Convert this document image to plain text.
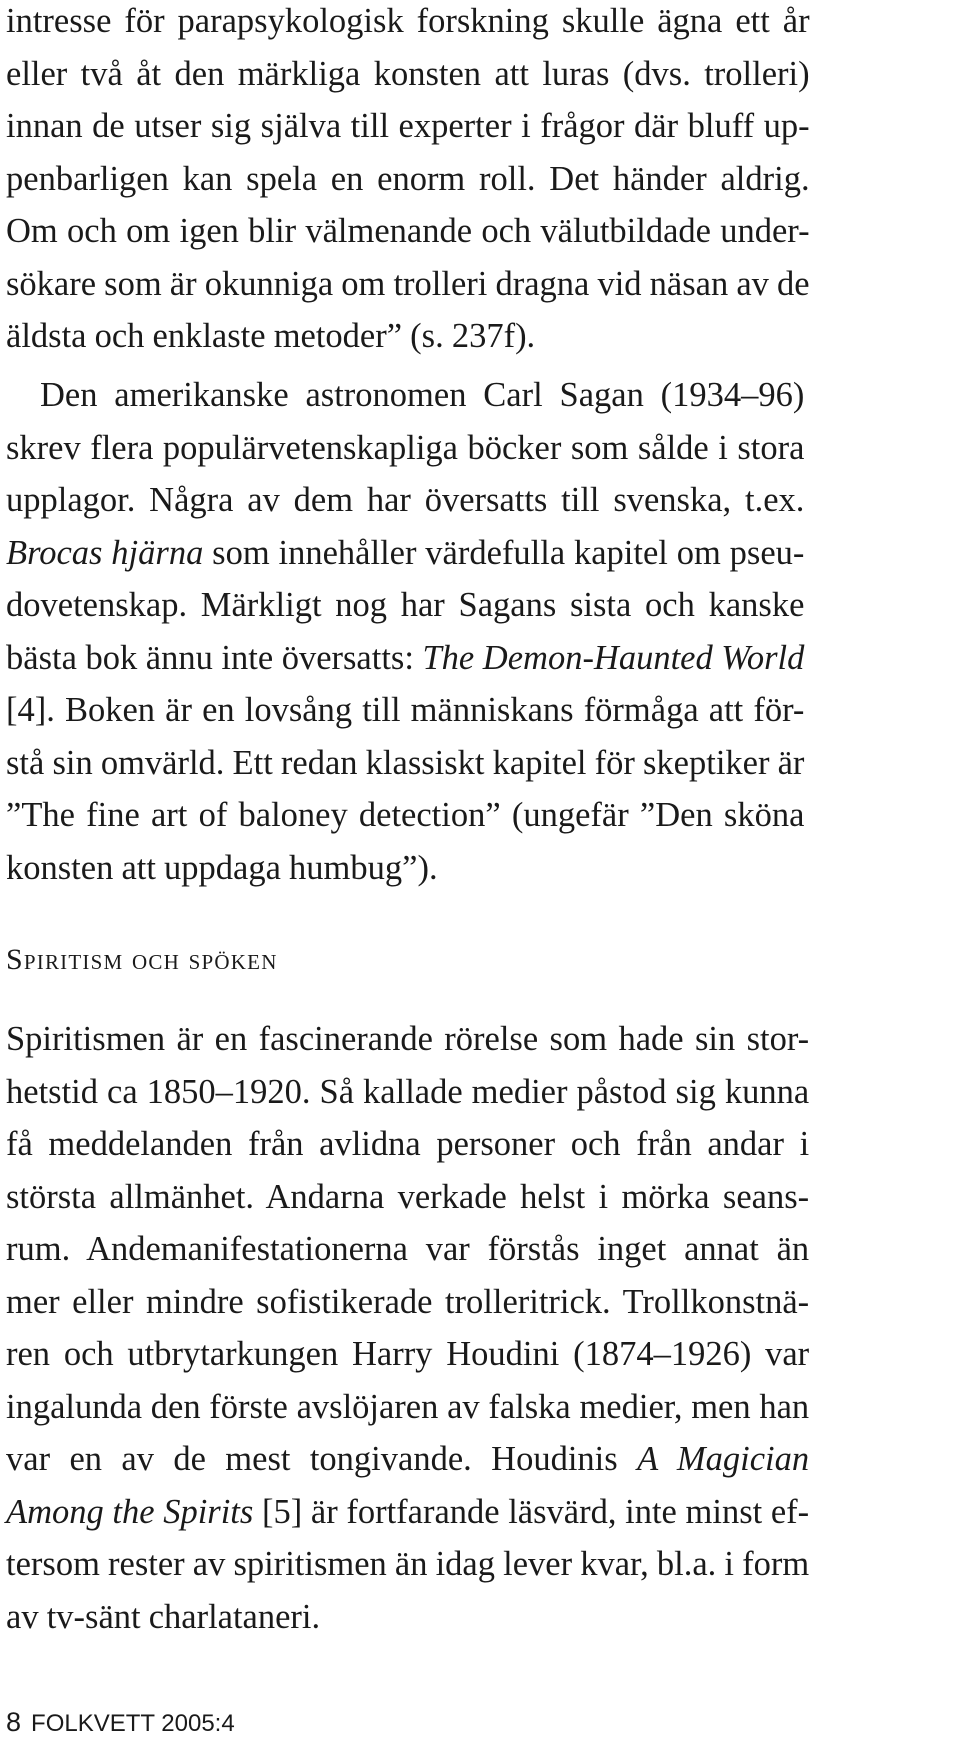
intresse för parapsykologisk forskning skulle ägna ett år
eller två åt den märkliga konsten att luras (dvs. trolleri)
innan de utser sig själva till experter i frågor där bluff up-
penbarligen kan spela en enorm roll. Det händer aldrig.
Om och om igen blir välmenande och välutbildade under-
sökare som är okunniga om trolleri dragna vid näsan av de
äldsta och enklaste metoder” (s. 237f).

Den amerikanske astronomen Carl Sagan (1934–96)
skrev flera populärvetenskapliga böcker som sålde i stora
upplagor. Några av dem har översatts till svenska, t.ex.
Brocas hjärna som innehåller värdefulla kapitel om pseu-
dovetenskap. Märkligt nog har Sagans sista och kanske
bästa bok ännu inte översatts: The Demon-Haunted World
[4]. Boken är en lovsång till människans förmåga att för-
stå sin omvärld. Ett redan klassiskt kapitel för skeptiker är
”The fine art of baloney detection” (ungefär ”Den sköna
konsten att uppdaga humbug”).

Spiritism och spöken

Spiritismen är en fascinerande rörelse som hade sin stor-
hetstid ca 1850–1920. Så kallade medier påstod sig kunna
få meddelanden från avlidna personer och från andar i
största allmänhet. Andarna verkade helst i mörka seans-
rum. Andemanifestationerna var förstås inget annat än
mer eller mindre sofistikerade trolleritrick. Trollkonstnä-
ren och utbrytarkungen Harry Houdini (1874–1926) var
ingalunda den förste avslöjaren av falska medier, men han
var en av de mest tongivande. Houdinis A Magician
Among the Spirits [5] är fortfarande läsvärd, inte minst ef-
tersom rester av spiritismen än idag lever kvar, bl.a. i form
av tv-sänt charlataneri.

8 FOLKVETT 2005:4
